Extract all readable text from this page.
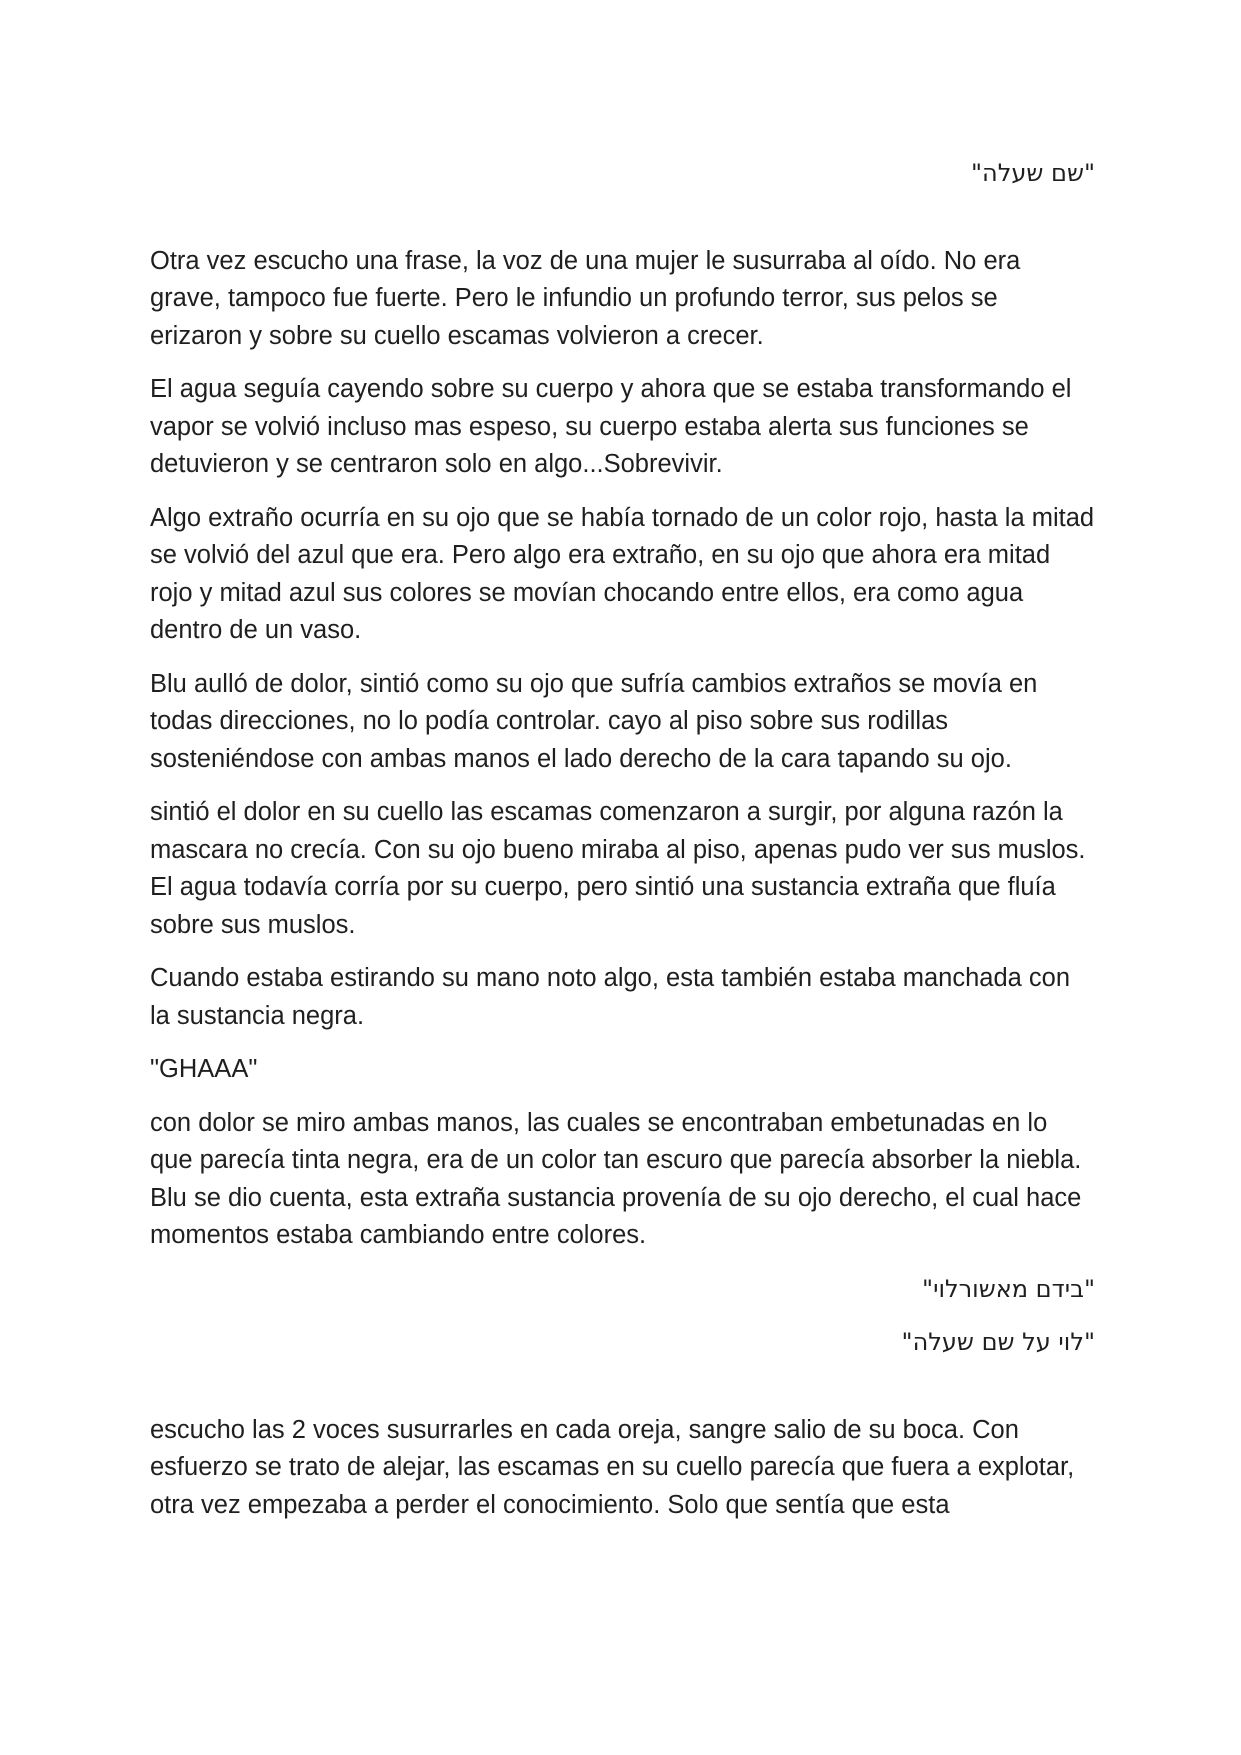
"שם שעלה"

Otra vez escucho una frase, la voz de una mujer le susurraba al oído. No era grave, tampoco fue fuerte. Pero le infundio un profundo terror, sus pelos se erizaron y sobre su cuello escamas volvieron a crecer.

El agua seguía cayendo sobre su cuerpo y ahora que se estaba transformando el vapor se volvió incluso mas espeso, su cuerpo estaba alerta sus funciones se detuvieron y se centraron solo en algo...Sobrevivir.

Algo extraño ocurría en su ojo que se había tornado de un color rojo, hasta la mitad se volvió del azul que era. Pero algo era extraño, en su ojo que ahora era mitad rojo y mitad azul sus colores se movían chocando entre ellos, era como agua dentro de un vaso.

Blu aulló de dolor, sintió como su ojo que sufría cambios extraños se movía en todas direcciones, no lo podía controlar. cayo al piso sobre sus rodillas sosteniéndose con ambas manos el lado derecho de la cara tapando su ojo.

sintió el dolor en su cuello las escamas comenzaron a surgir, por alguna razón la mascara no crecía. Con su ojo bueno miraba al piso, apenas pudo ver sus muslos. El agua todavía corría por su cuerpo, pero sintió una sustancia extraña que fluía sobre sus muslos.

Cuando estaba estirando su mano noto algo, esta también estaba manchada con la sustancia negra.

"GHAAA"

con dolor se miro ambas manos, las cuales se encontraban embetunadas en lo que parecía tinta negra, era de un color tan escuro que parecía absorber la niebla. Blu se dio cuenta, esta extraña sustancia provenía de su ojo derecho, el cual hace momentos estaba cambiando entre colores.

"בידם מאשורלוי"

"לוי על שם שעלה"

escucho las 2 voces susurrarles en cada oreja, sangre salio de su boca. Con esfuerzo se trato de alejar, las escamas en su cuello parecía que fuera a explotar, otra vez empezaba a perder el conocimiento. Solo que sentía que esta
